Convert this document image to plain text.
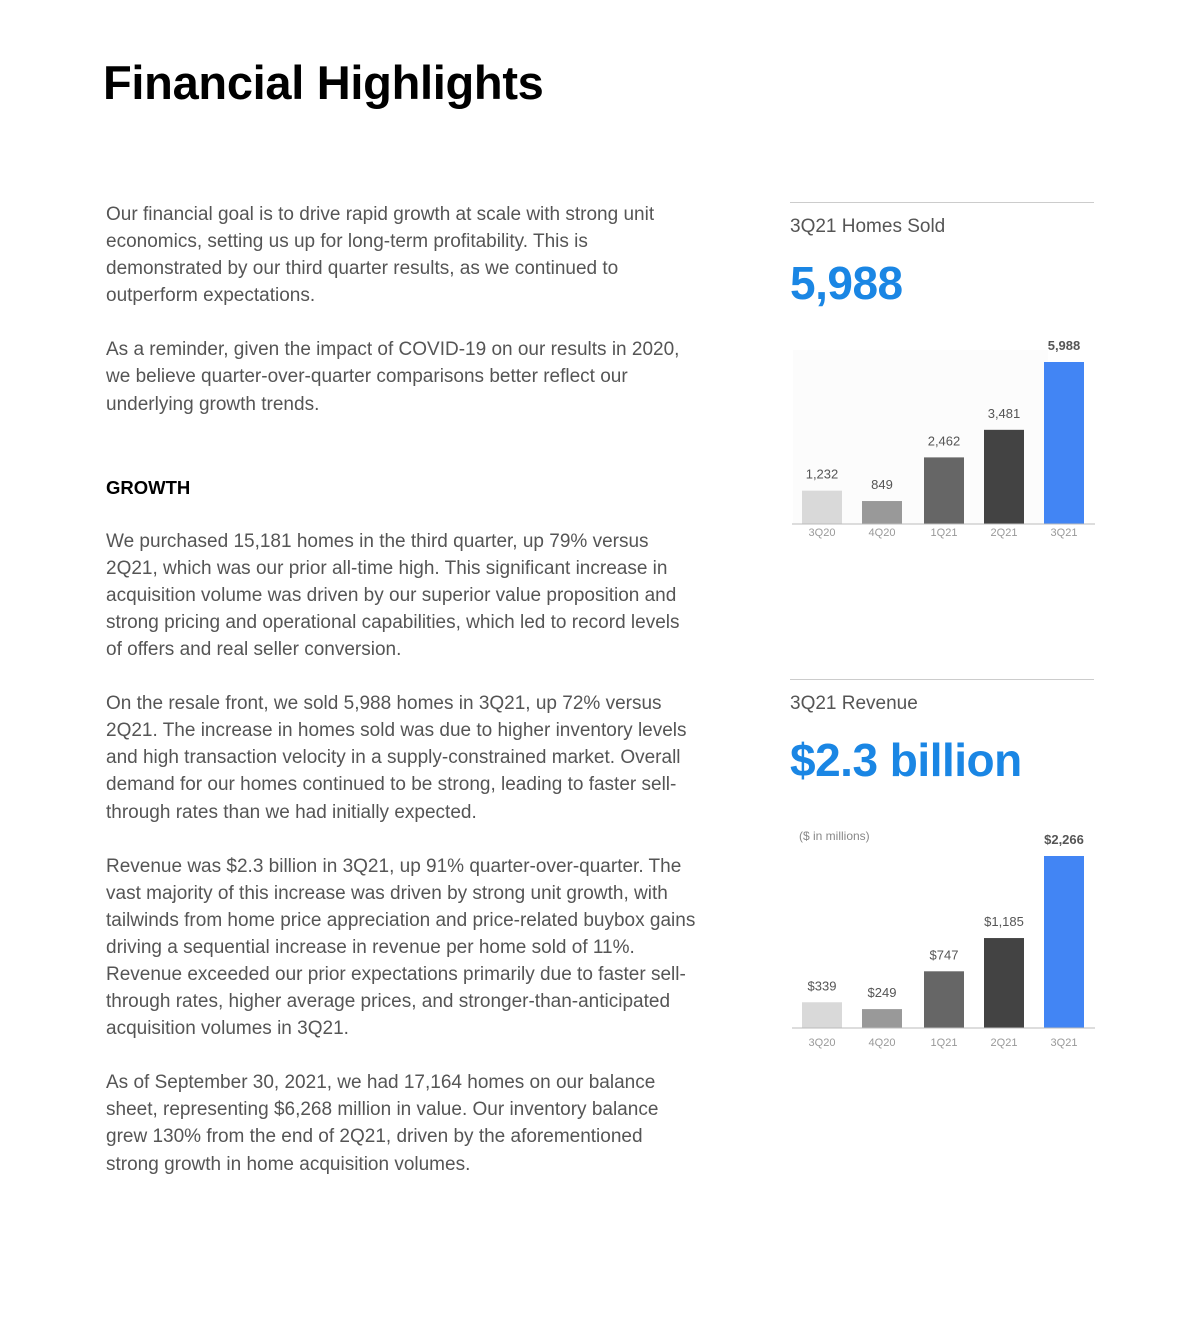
Financial Highlights

Our financial goal is to drive rapid growth at scale with strong unit economics, setting us up for long-term profitability. This is demonstrated by our third quarter results, as we continued to outperform expectations.

As a reminder, given the impact of COVID-19 on our results in 2020, we believe quarter-over-quarter comparisons better reflect our underlying growth trends.

GROWTH

We purchased 15,181 homes in the third quarter, up 79% versus 2Q21, which was our prior all-time high. This significant increase in acquisition volume was driven by our superior value proposition and strong pricing and operational capabilities, which led to record levels of offers and real seller conversion.

On the resale front, we sold 5,988 homes in 3Q21, up 72% versus 2Q21. The increase in homes sold was due to higher inventory levels and high transaction velocity in a supply-constrained market. Overall demand for our homes continued to be strong, leading to faster sell-through rates than we had initially expected.

Revenue was $2.3 billion in 3Q21, up 91% quarter-over-quarter. The vast majority of this increase was driven by strong unit growth, with tailwinds from home price appreciation and price-related buybox gains driving a sequential increase in revenue per home sold of 11%. Revenue exceeded our prior expectations primarily due to faster sell-through rates, higher average prices, and stronger-than-anticipated acquisition volumes in 3Q21.

As of September 30, 2021, we had 17,164 homes on our balance sheet, representing $6,268 million in value. Our inventory balance grew 130% from the end of 2Q21, driven by the aforementioned strong growth in home acquisition volumes.

3Q21 Homes Sold
5,988
1,232
3Q20
849
4Q20
2,462
1Q21
3,481
2Q21
5,988
3Q21
3Q21 Revenue
$2.3 billion
($ in millions)
$339
3Q20
$249
4Q20
$747
1Q21
$1,185
2Q21
$2,266
3Q21
